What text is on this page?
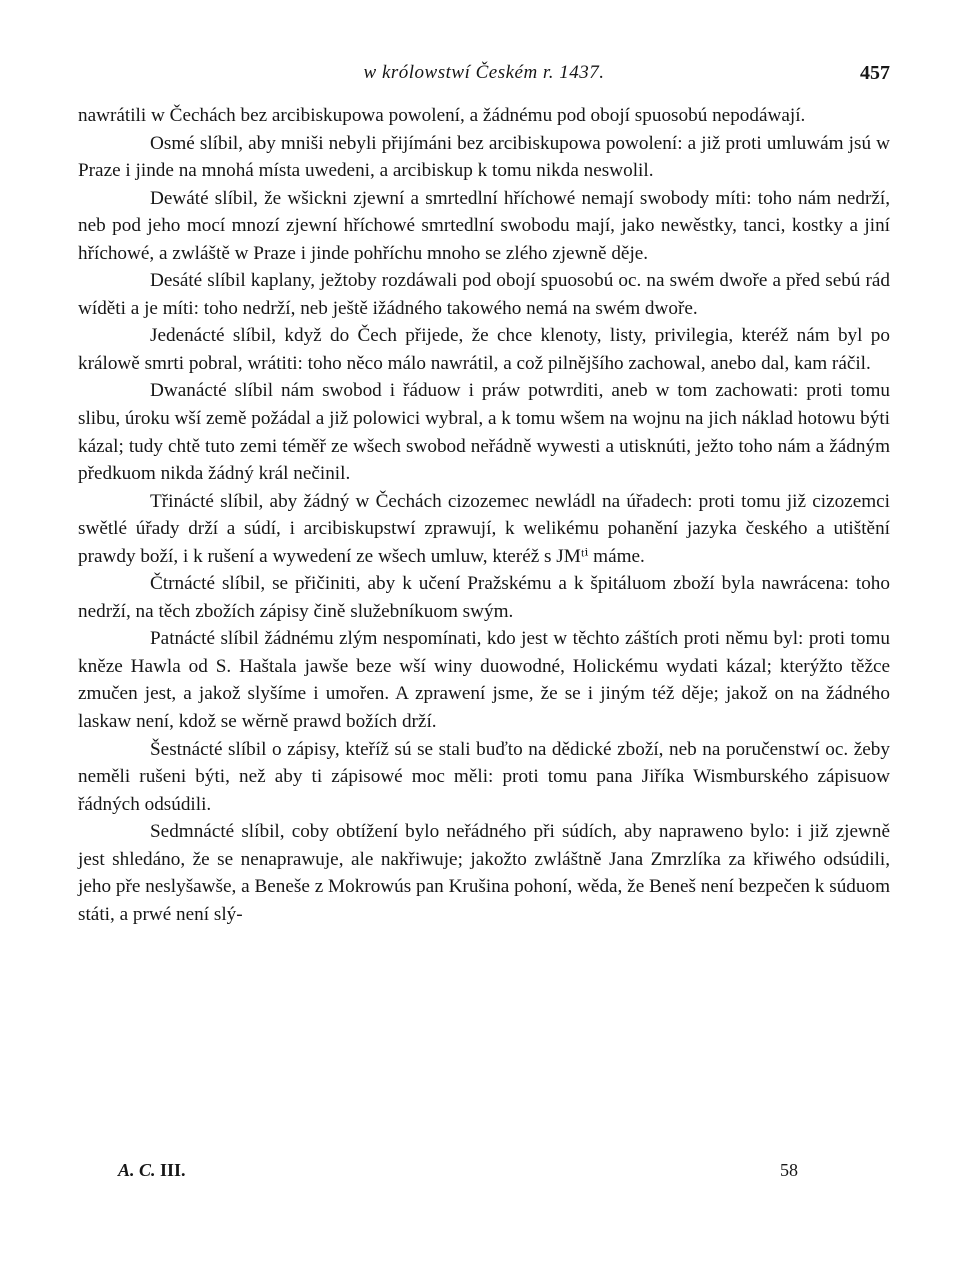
w królowstwí Českém r. 1437.	457

nawrátili w Čechách bez arcibiskupowa powolení, a žádnému pod obojí spuosobú nepodáwají.

Osmé slíbil, aby mniši nebyli přijímáni bez arcibiskupowa powolení: a již proti umluwám jsú w Praze i jinde na mnohá místa uwedeni, a arcibiskup k tomu nikda neswolil.

Dewáté slíbil, že wšickni zjewní a smrtedlní hříchowé nemají swobody míti: toho nám nedrží, neb pod jeho mocí mnozí zjewní hříchowé smrtedlní swobodu mají, jako newěstky, tanci, kostky a jiní hříchowé, a zwláště w Praze i jinde pohříchu mnoho se zlého zjewně děje.

Desáté slíbil kaplany, ježtoby rozdáwali pod obojí spuosobú oc. na swém dwoře a před sebú rád wíděti a je míti: toho nedrží, neb ještě ižádného takowého nemá na swém dwoře.

Jedenácté slíbil, když do Čech přijede, že chce klenoty, listy, privilegia, kteréž nám byl po králowě smrti pobral, wrátiti: toho něco málo nawrátil, a což pilnějšího zachowal, anebo dal, kam ráčil.

Dwanácté slíbil nám swobod i řáduow i práw potwrditi, aneb w tom zachowati: proti tomu slibu, úroku wší země požádal a již polowici wybral, a k tomu wšem na wojnu na jich náklad hotowu býti kázal; tudy chtě tuto zemi téměř ze wšech swobod neřádně wywesti a utisknúti, ježto toho nám a žádným předkuom nikda žádný král nečinil.

Třinácté slíbil, aby žádný w Čechách cizozemec newládl na úřadech: proti tomu již cizozemci swětlé úřady drží a súdí, i arcibiskupstwí zprawují, k welikému pohanění jazyka českého a utištění prawdy boží, i k rušení a wywedení ze wšech umluw, kteréž s JMᵗⁱ máme.

Čtrnácté slíbil, se přičiniti, aby k učení Pražskému a k špitáluom zboží byla nawrácena: toho nedrží, na těch zbožích zápisy čině služebníkuom swým.

Patnácté slíbil žádnému zlým nespomínati, kdo jest w těchto záštích proti němu byl: proti tomu kněze Hawla od S. Haštala jawše beze wší winy duowodné, Holickému wydati kázal; kterýžto těžce zmučen jest, a jakož slyšíme i umořen. A zprawení jsme, že se i jiným též děje; jakož on na žádného laskaw není, kdož se wěrně prawd božích drží.

Šestnácté slíbil o zápisy, kteříž sú se stali buďto na dědické zboží, neb na poručenstwí oc. žeby neměli rušeni býti, než aby ti zápisowé moc měli: proti tomu pana Jiříka Wismburského zápisuow řádných odsúdili.

Sedmnácté slíbil, coby obtížení bylo neřádného při súdích, aby napraweno bylo: i již zjewně jest shledáno, že se nenaprawuje, ale nakřiwuje; jakožto zwláštně Jana Zmrzlíka za křiwého odsúdili, jeho pře neslyšawše, a Beneše z Mokrowús pan Krušina pohoní, wěda, že Beneš není bezpečen k súduom státi, a prwé není slý-

A. C. III.	58
